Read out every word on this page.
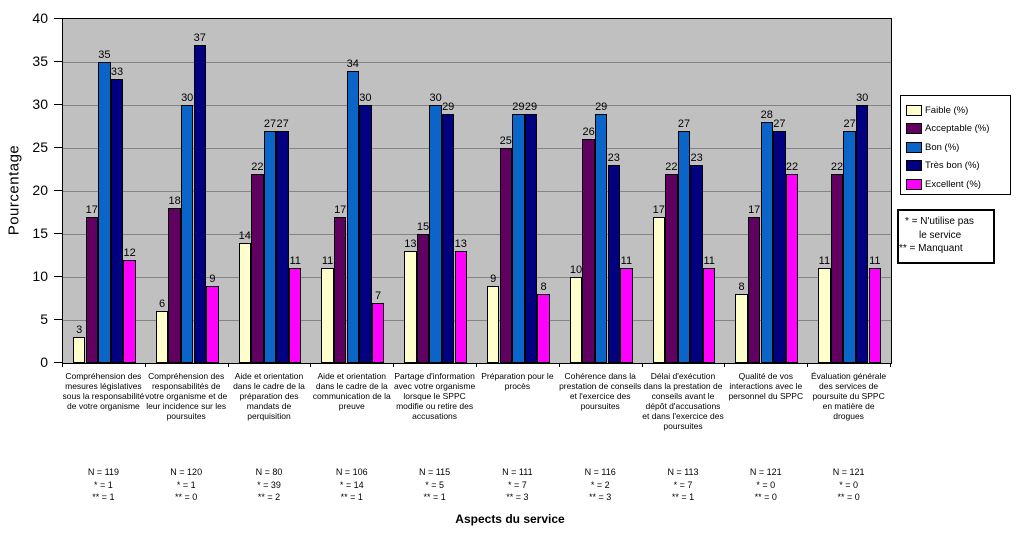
Pourcentage
0
5
10
15
20
25
30
35
40
3
6
14
11
13
9
10
17
8
11
17
18
22
17
15
25
26
22
17
22
35
30
27
34
30
29	29
27
28
27
33
37
27
30
29	29
23	23
27
30
12
9
11
7
13
8
11	11
22
11
Compréhension des mesures législatives sous la responsabilité de votre organisme
Compréhension des responsabilités de votre organisme et de leur incidence sur les poursuites
Aide et orientation dans le cadre de la préparation des mandats de perquisition
Aide et orientation dans le cadre de la communication de la preuve
Partage d'information avec votre organisme lorsque le SPPC modifie ou retire des accusations
Préparation pour le procès
Cohérence dans la prestation de conseils et l'exercice des poursuites
Délai d'exécution dans la prestation de conseils avant le dépôt d'accusations et dans l'exercice des poursuites
Qualité de vos interactions avec le personnel du SPPC
Évaluation générale des services de poursuite du SPPC en matière de drogues
N = 119
* = 1
** = 1
N = 120
* = 1
** = 0
N = 80
* = 39
** = 2
N = 106
* = 14
** = 1
N = 115
* = 5
** = 1
N = 111
* = 7
** = 3
N = 116
* = 2
** = 3
N = 113
* = 7
** = 1
N = 121
* = 0
** = 0
N = 121
* = 0
** = 0
Aspects du service
Faible (%)
Acceptable (%)
Bon (%)
Très bon (%)
Excellent (%)
* = N'utilise pas
le service
** = Manquant
